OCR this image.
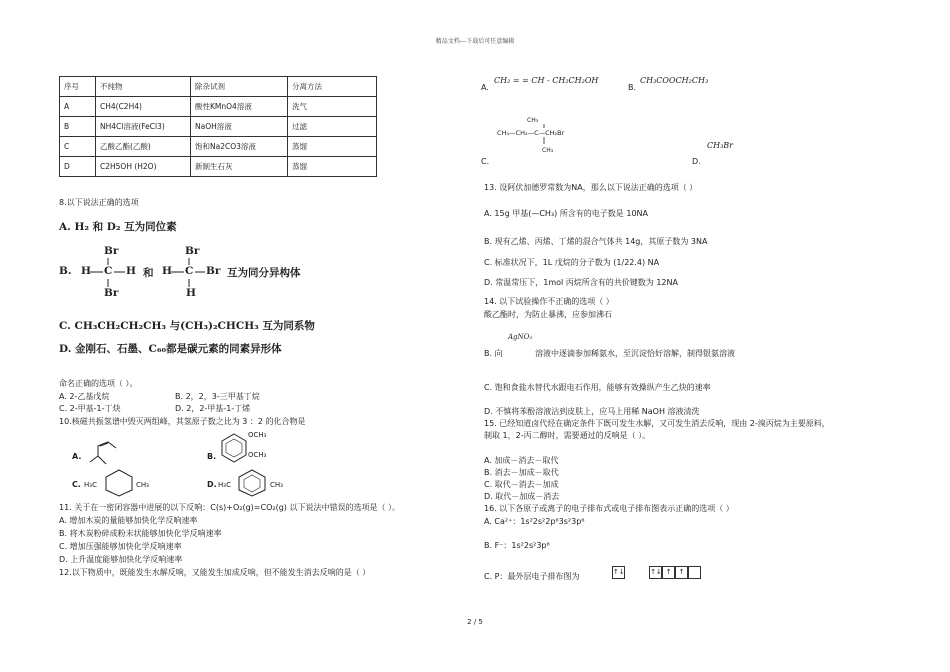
精品文档---下载后可任意编辑
序号	不纯物	除杂试剂	分离方法
A	CH4(C2H4)	酸性KMnO4溶液	洗气
B	NH4Cl溶液(FeCl3)	NaOH溶液	过滤
C	乙酸乙酯(乙酸)	饱和Na2CO3溶液	蒸馏
D	C2H5OH (H2O)	新制生石灰	蒸馏
8.以下说法正确的选项
A. H₂ 和 D₂ 互为同位素
B.
Br
H C H
Br
和
Br
H C Br
H
互为同分异构体
C. CH₃CH₂CH₂CH₃ 与(CH₃)₂CHCH₃ 互为同系物
D. 金刚石、石墨、C₆₀都是碳元素的同素异形体
命名正确的选项（ ）。
A. 2-乙基戊烷	B. 2，2，3-三甲基丁烷
C. 2-甲基-1-丁炔	D. 2，2-甲基-1-丁烯
10.核磁共振氢谱中毁灭两组峰，其氢原子数之比为 3 ：2 的化合物是
A.	B.
OCH₃
OCH₃
C. H₃C	CH₃	D. H₃C	CH₃
11. 关于在一密闭容器中进展的以下反响：C(s)+O₂(g)=CO₂(g) 以下说法中错误的选项是（ ）。
A. 增加木炭的量能够加快化学反响速率
B. 将木炭粉碎成粉末状能够加快化学反响速率
C. 增加压强能够加快化学反响速率
D. 上升温度能够加快化学反响速率
12.以下物质中，既能发生水解反响，又能发生加成反响，但不能发生消去反响的是（ ）
A.
CH₂ = = CH - CH₂CH₂OH
B.
CH₃COOCH₂CH₃
CH₃
CH₃—CH₂—C—CH₂Br
CH₃
C.
CH₃Br
D.
13. 设阿伏加德罗常数为NA，那么以下说法正确的选项（ ）
A. 15g 甲基(—CH₃) 所含有的电子数是 10NA
B. 现有乙烯、丙烯、丁烯的混合气体共 14g，其原子数为 3NA
C. 标准状况下，1L 戊烷的分子数为 (1/22.4) NA
D. 常温常压下，1mol 丙烷所含有的共价键数为 12NA
14. 以下试验操作不正确的选项（ ）
酸乙酯时，为防止暴沸，应参加沸石
AgNO₃
B. 向	溶液中逐滴参加稀氨水，至沉淀恰好溶解，制得银氨溶液
C. 饱和食盐水替代水跟电石作用，能够有效操纵产生乙炔的速率
D. 不慎将苯酚溶液沾到皮肤上，应马上用稀 NaOH 溶液清洗
15. 已经知道卤代烃在确定条件下既可发生水解，又可发生消去反响，现由 2-溴丙烷为主要原料，
制取 1，2-丙二醇时，需要通过的反响是（ ）。
A. 加成－消去－取代
B. 消去－加成－取代
C. 取代－消去－加成
D. 取代－加成－消去
16. 以下各原子或离子的电子排布式或电子排布图表示正确的选项（ ）
A. Ca²⁺：1s²2s²2p⁶3s²3p⁶
B. F⁻：1s²2s²3p⁶
C. P：最外层电子排布图为	↑↓	↑↓ ↑ ↑
2 / 5
